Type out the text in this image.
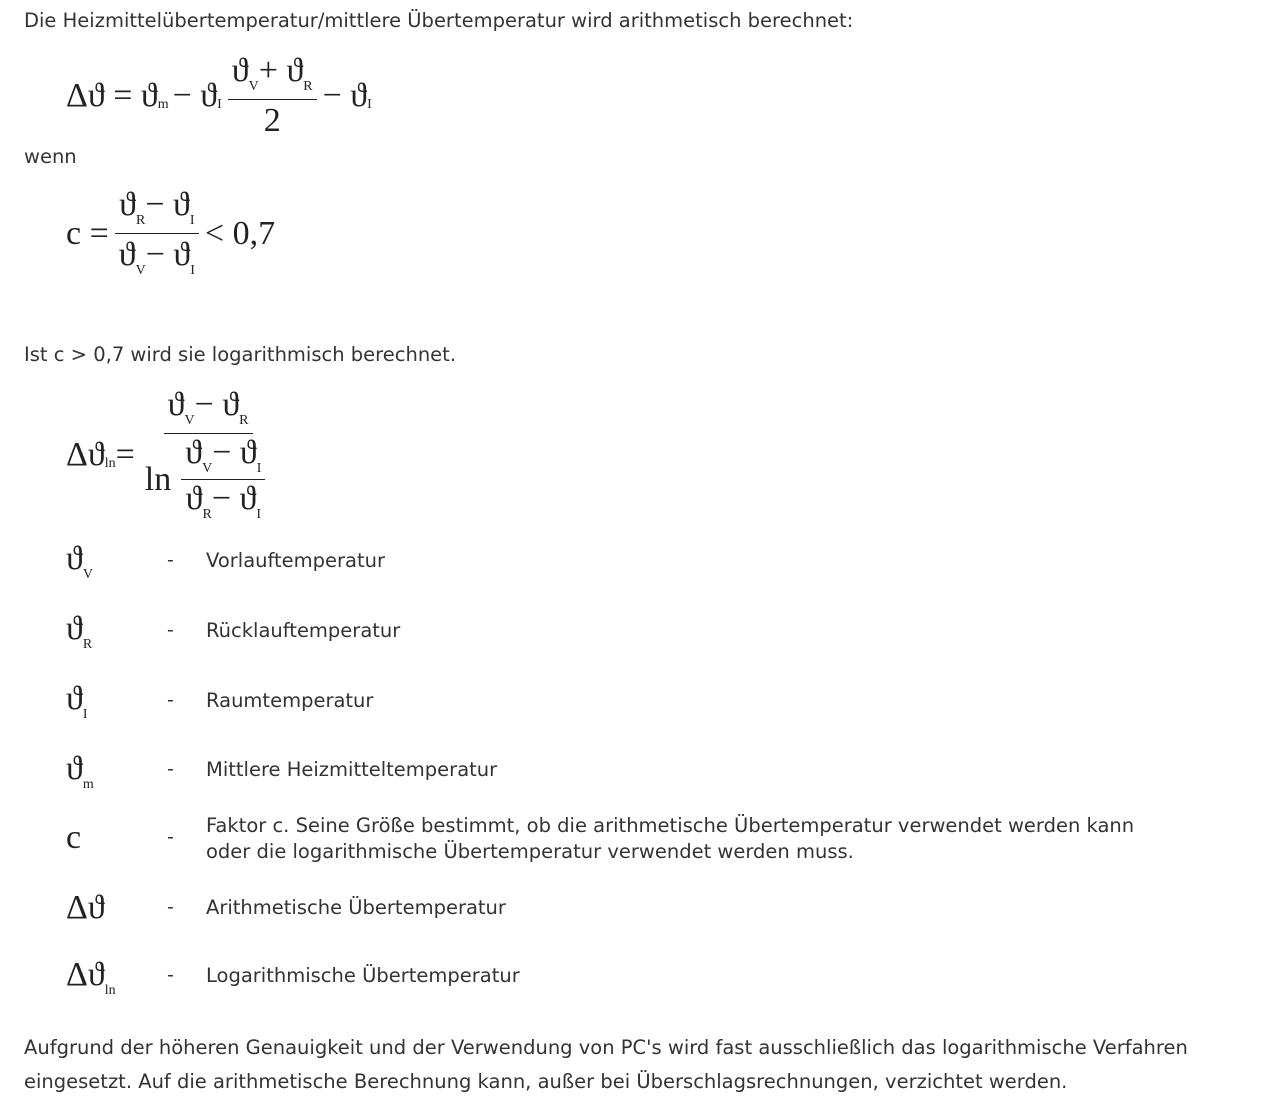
Die Heizmittelübertemperatur/mittlere Übertemperatur wird arithmetisch berechnet:

Δϑ = ϑ m − ϑ I $\frac{ϑ_V+ ϑ_R}{2} - ϑ$ I

wenn

$c = \frac{ϑ_R- ϑ_I}{ϑ_V- ϑ_I} < 0,7$

Ist c > 0,7 wird sie logarithmisch berechnet.

Δϑ $\ln = \frac{ϑ_V- ϑ_R}{\ln \frac{ϑ_V- ϑ_I}{ϑ_R- ϑ_I}}$
$ϑ_V$
- Vorlauftemperatur
$ϑ_R$
- Rücklauftemperatur
$ϑ_I$
- Raumtemperatur
$ϑ_m$
- Mittlere Heizmitteltemperatur
c	- Faktor c. Seine Größe bestimmt, ob die arithmetische Übertemperatur verwendet werden kann
oder die logarithmische Übertemperatur verwendet werden muss.
Δϑ	- Arithmetische Übertemperatur
$\Delta ϑ_{ln}$
- Logarithmische Übertemperatur

Aufgrund der höheren Genauigkeit und der Verwendung von PC's wird fast ausschließlich das logarithmische Verfahren

eingesetzt. Auf die arithmetische Berechnung kann, außer bei Überschlagsrechnungen, verzichtet werden.
